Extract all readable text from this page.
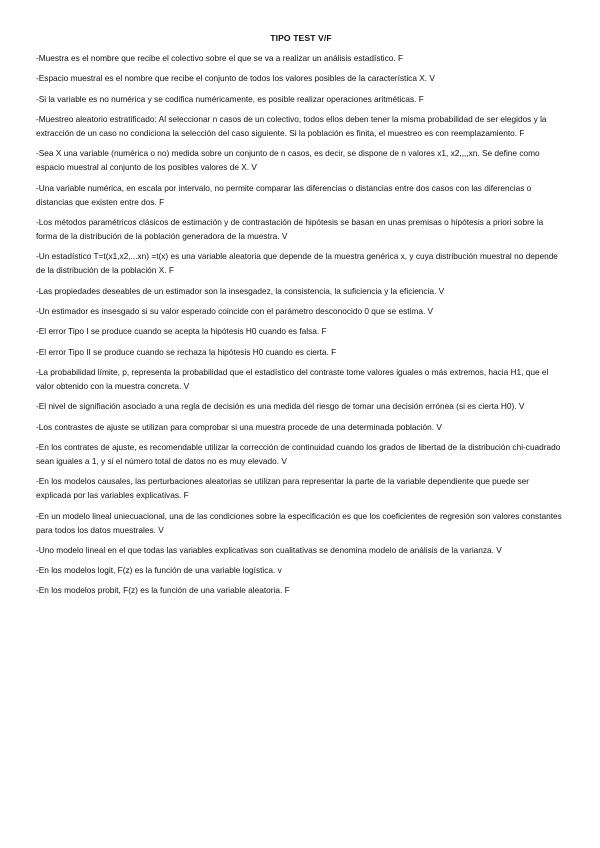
TIPO TEST V/F

-Muestra es el nombre que recibe el colectivo sobre el que se va a realizar un análisis estadístico. F

-Espacio muestral es el nombre que recibe el conjunto de todos los valores posibles de la característica X. V

-Si la variable es no numérica y se codifica numéricamente, es posible realizar operaciones aritméticas. F

-Muestreo aleatorio estratificado: Al seleccionar n casos de un colectivo, todos ellos deben tener la misma probabilidad de ser elegidos y la extracción de un caso no condiciona la selección del caso siguiente. Si la población es finita, el muestreo es con reemplazamiento. F

-Sea X una variable (numérica o no) medida sobre un conjunto de n casos, es decir, se dispone de n valores x1, x2,,,,xn. Se define como espacio muestral al conjunto de los posibles valores de X. V

-Una variable numérica, en escala por intervalo, no permite comparar las diferencias o distancias entre dos casos con las diferencias o distancias que existen entre dos. F

-Los métodos paramétricos clásicos de estimación y de contrastación de hipótesis se basan en unas premisas o hipótesis a priori sobre la forma de la distribución de la población generadora de la muestra. V

-Un estadístico T=t(x1,x2,...xn) =t(x) es una variable aleatoria que depende de la muestra genérica x, y cuya distribución muestral no depende de la distribución de la población X. F

-Las propiedades deseables de un estimador son la insesgadez, la consistencia, la suficiencia y la eficiencia. V

-Un estimador es insesgado si su valor esperado coincide con el parámetro desconocido 0 que se estima. V

-El error Tipo I se produce cuando se acepta la hipótesis H0 cuando es falsa. F

-El error Tipo II se produce cuando se rechaza la hipótesis H0 cuando es cierta. F

-La probabilidad límite, p, representa la probabilidad que el estadístico del contraste tome valores iguales o más extremos, hacia H1, que el valor obtenido con la muestra concreta. V

-El nivel de signifiación asociado a una regla de decisión es una medida del riesgo de tomar una decisión errónea (si es cierta H0). V

-Los contrastes de ajuste se utilizan para comprobar si una muestra procede de una determinada población. V

-En los contrates de ajuste, es recomendable utilizar la corrección de continuidad cuando los grados de libertad de la distribución chi-cuadrado sean iguales a 1, y si el número total de datos no es muy elevado. V

-En los modelos causales, las perturbaciones aleatorias se utilizan para representar la parte de la variable dependiente que puede ser explicada por las variables explicativas. F

-En un modelo lineal uniecuacional, una de las condiciones sobre la especificación es que los coeficientes de regresión son valores constantes para todos los datos muestrales. V

-Uno modelo lineal en el que todas las variables explicativas son cualitativas se denomina modelo de análisis de la varianza. V

-En los modelos logit, F(z) es la función de una variable logística. v

-En los modelos probit, F(z) es la función de una variable aleatoria. F
